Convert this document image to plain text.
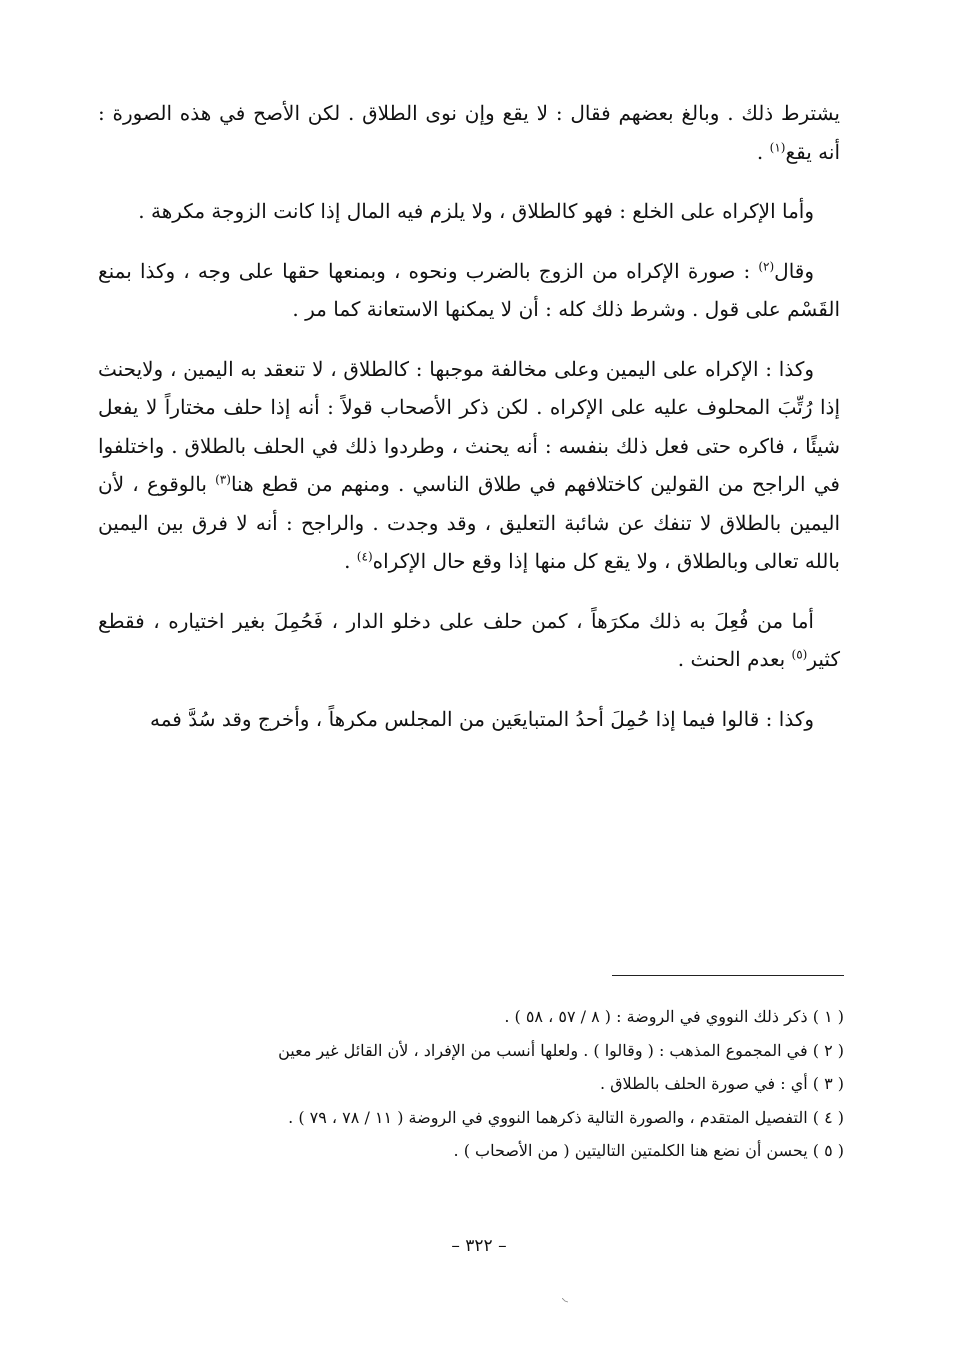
يشترط ذلك . وبالغ بعضهم فقال : لا يقع وإن نوى الطلاق . لكن الأصح في هذه الصورة : أنه يقع$^{(١)}$ .

وأما الإكراه على الخلع : فهو كالطلاق ، ولا يلزم فيه المال إذا كانت الزوجة مكرهة .

وقال$^{(٢)}$ : صورة الإكراه من الزوج بالضرب ونحوه ، وبمنعها حقها على وجه ، وكذا بمنع القَسْم على قول . وشرط ذلك كله : أن لا يمكنها الاستعانة كما مر .

وكذا : الإكراه على اليمين وعلى مخالفة موجبها : كالطلاق ، لا تنعقد به اليمين ، ولايحنث إذا رُتِّبَ المحلوف عليه على الإكراه . لكن ذكر الأصحاب قولاً : أنه إذا حلف مختاراً لا يفعل شيئًا ، فاكره حتى فعل ذلك بنفسه : أنه يحنث ، وطردوا ذلك في الحلف بالطلاق . واختلفوا في الراجح من القولين كاختلافهم في طلاق الناسي . ومنهم من قطع هنا$^{(٣)}$ بالوقوع ، لأن اليمين بالطلاق لا تنفك عن شائبة التعليق ، وقد وجدت . والراجح : أنه لا فرق بين اليمين بالله تعالى وبالطلاق ، ولا يقع كل منها إذا وقع حال الإكراه$^{(٤)}$ .

أما من فُعِلَ به ذلك مكرَهاً ، كمن حلف على دخلو الدار ، فَحُمِلَ بغير اختياره ، فقطع كثير$^{(٥)}$ بعدم الحنث .

وكذا : قالوا فيما إذا حُمِلَ أحدُ المتبايعَين من المجلس مكرهاً ، وأخرج وقد سُدَّ فمه

( ١ ) ذكر ذلك النووي في الروضة : ( ٨ / ٥٧ ، ٥٨ ) .
( ٢ ) في المجموع المذهب : ( وقالوا ) . ولعلها أنسب من الإفراد ، لأن القائل غير معين
( ٣ ) أي : في صورة الحلف بالطلاق .
( ٤ ) التفصيل المتقدم ، والصورة التالية ذكرهما النووي في الروضة ( ١١ / ٧٨ ، ٧٩ ) .
( ٥ ) يحسن أن نضع هنا الكلمتين التاليتين ( من الأصحاب ) .
– ٣٢٢ –
